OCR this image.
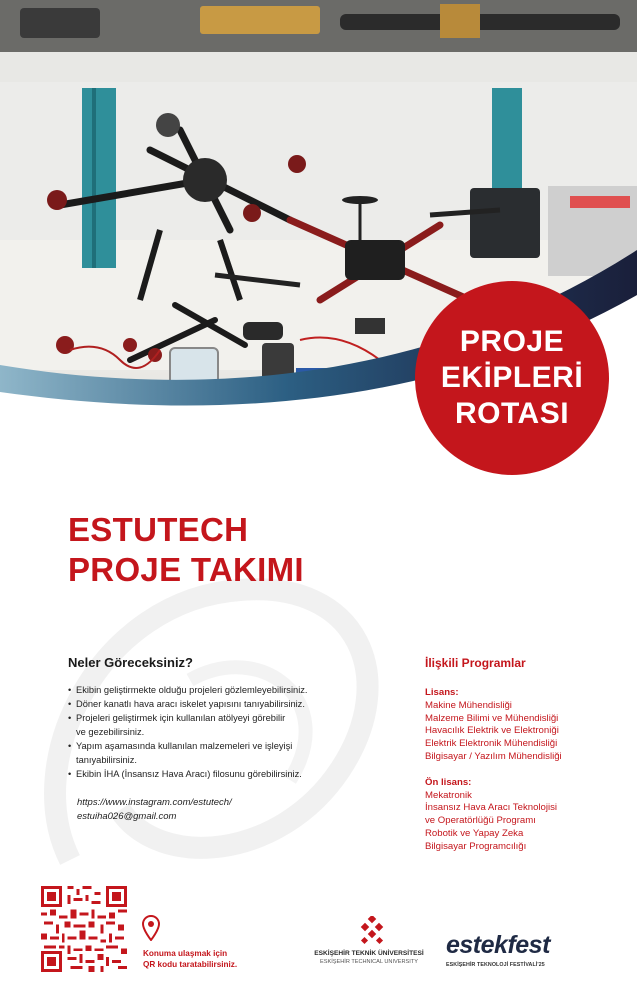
PROJE
EKİPLERİ
ROTASI
ESTUTECH
PROJE TAKIMI
Neler Göreceksiniz?
• Ekibin geliştirmekte olduğu projeleri gözlemleyebilirsiniz.
• Döner kanatlı hava aracı iskelet yapısını tanıyabilirsiniz.
• Projeleri geliştirmek için kullanılan atölyeyi görebilir
ve gezebilirsiniz.
• Yapım aşamasında kullanılan malzemeleri ve işleyişi
tanıyabilirsiniz.
• Ekibin İHA (İnsansız Hava Aracı) filosunu görebilirsiniz.
https://www.instagram.com/estutech/
estuiha026@gmail.com
İlişkili Programlar
Lisans:
Makine Mühendisliği
Malzeme Bilimi ve Mühendisliği
Havacılık Elektrik ve Elektroniği
Elektrik Elektronik Mühendisliği
Bilgisayar / Yazılım Mühendisliği
Ön lisans:
Mekatronik
İnsansız Hava Aracı Teknolojisi
ve Operatörlüğü Programı
Robotik ve Yapay Zeka
Bilgisayar Programcılığı
Konuma ulaşmak için
QR kodu taratabilirsiniz.
ESKİŞEHİR TEKNİK ÜNİVERSİTESİ
ESKİŞEHİR TECHNICAL UNIVERSITY
estekfest
ESKİŞEHİR TEKNOLOJİ FESTİVALİ'25
